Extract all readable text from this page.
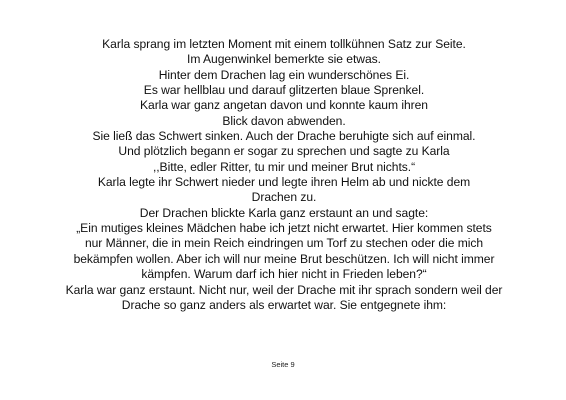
Karla sprang im letzten Moment mit einem tollkühnen Satz zur Seite.
Im Augenwinkel bemerkte sie etwas.
Hinter dem Drachen lag ein wunderschönes Ei.
Es war hellblau und darauf glitzerten blaue Sprenkel.
Karla war ganz angetan davon und konnte kaum ihren
Blick davon abwenden.
Sie ließ das Schwert sinken. Auch der Drache beruhigte sich auf einmal.
Und plötzlich begann er sogar zu sprechen und sagte zu Karla
,,Bitte, edler Ritter, tu mir und meiner Brut nichts.“
Karla legte ihr Schwert nieder und legte ihren Helm ab und nickte dem
Drachen zu.
Der Drachen blickte Karla ganz erstaunt an und sagte:
„Ein mutiges kleines Mädchen habe ich jetzt nicht erwartet. Hier kommen stets
nur Männer, die in mein Reich eindringen um Torf zu stechen oder die mich
bekämpfen wollen. Aber ich will nur meine Brut beschützen. Ich will nicht immer
kämpfen. Warum darf ich hier nicht in Frieden leben?“
Karla war ganz erstaunt. Nicht nur, weil der Drache mit ihr sprach sondern weil der
Drache so ganz anders als erwartet war. Sie entgegnete ihm:

Seite 9
